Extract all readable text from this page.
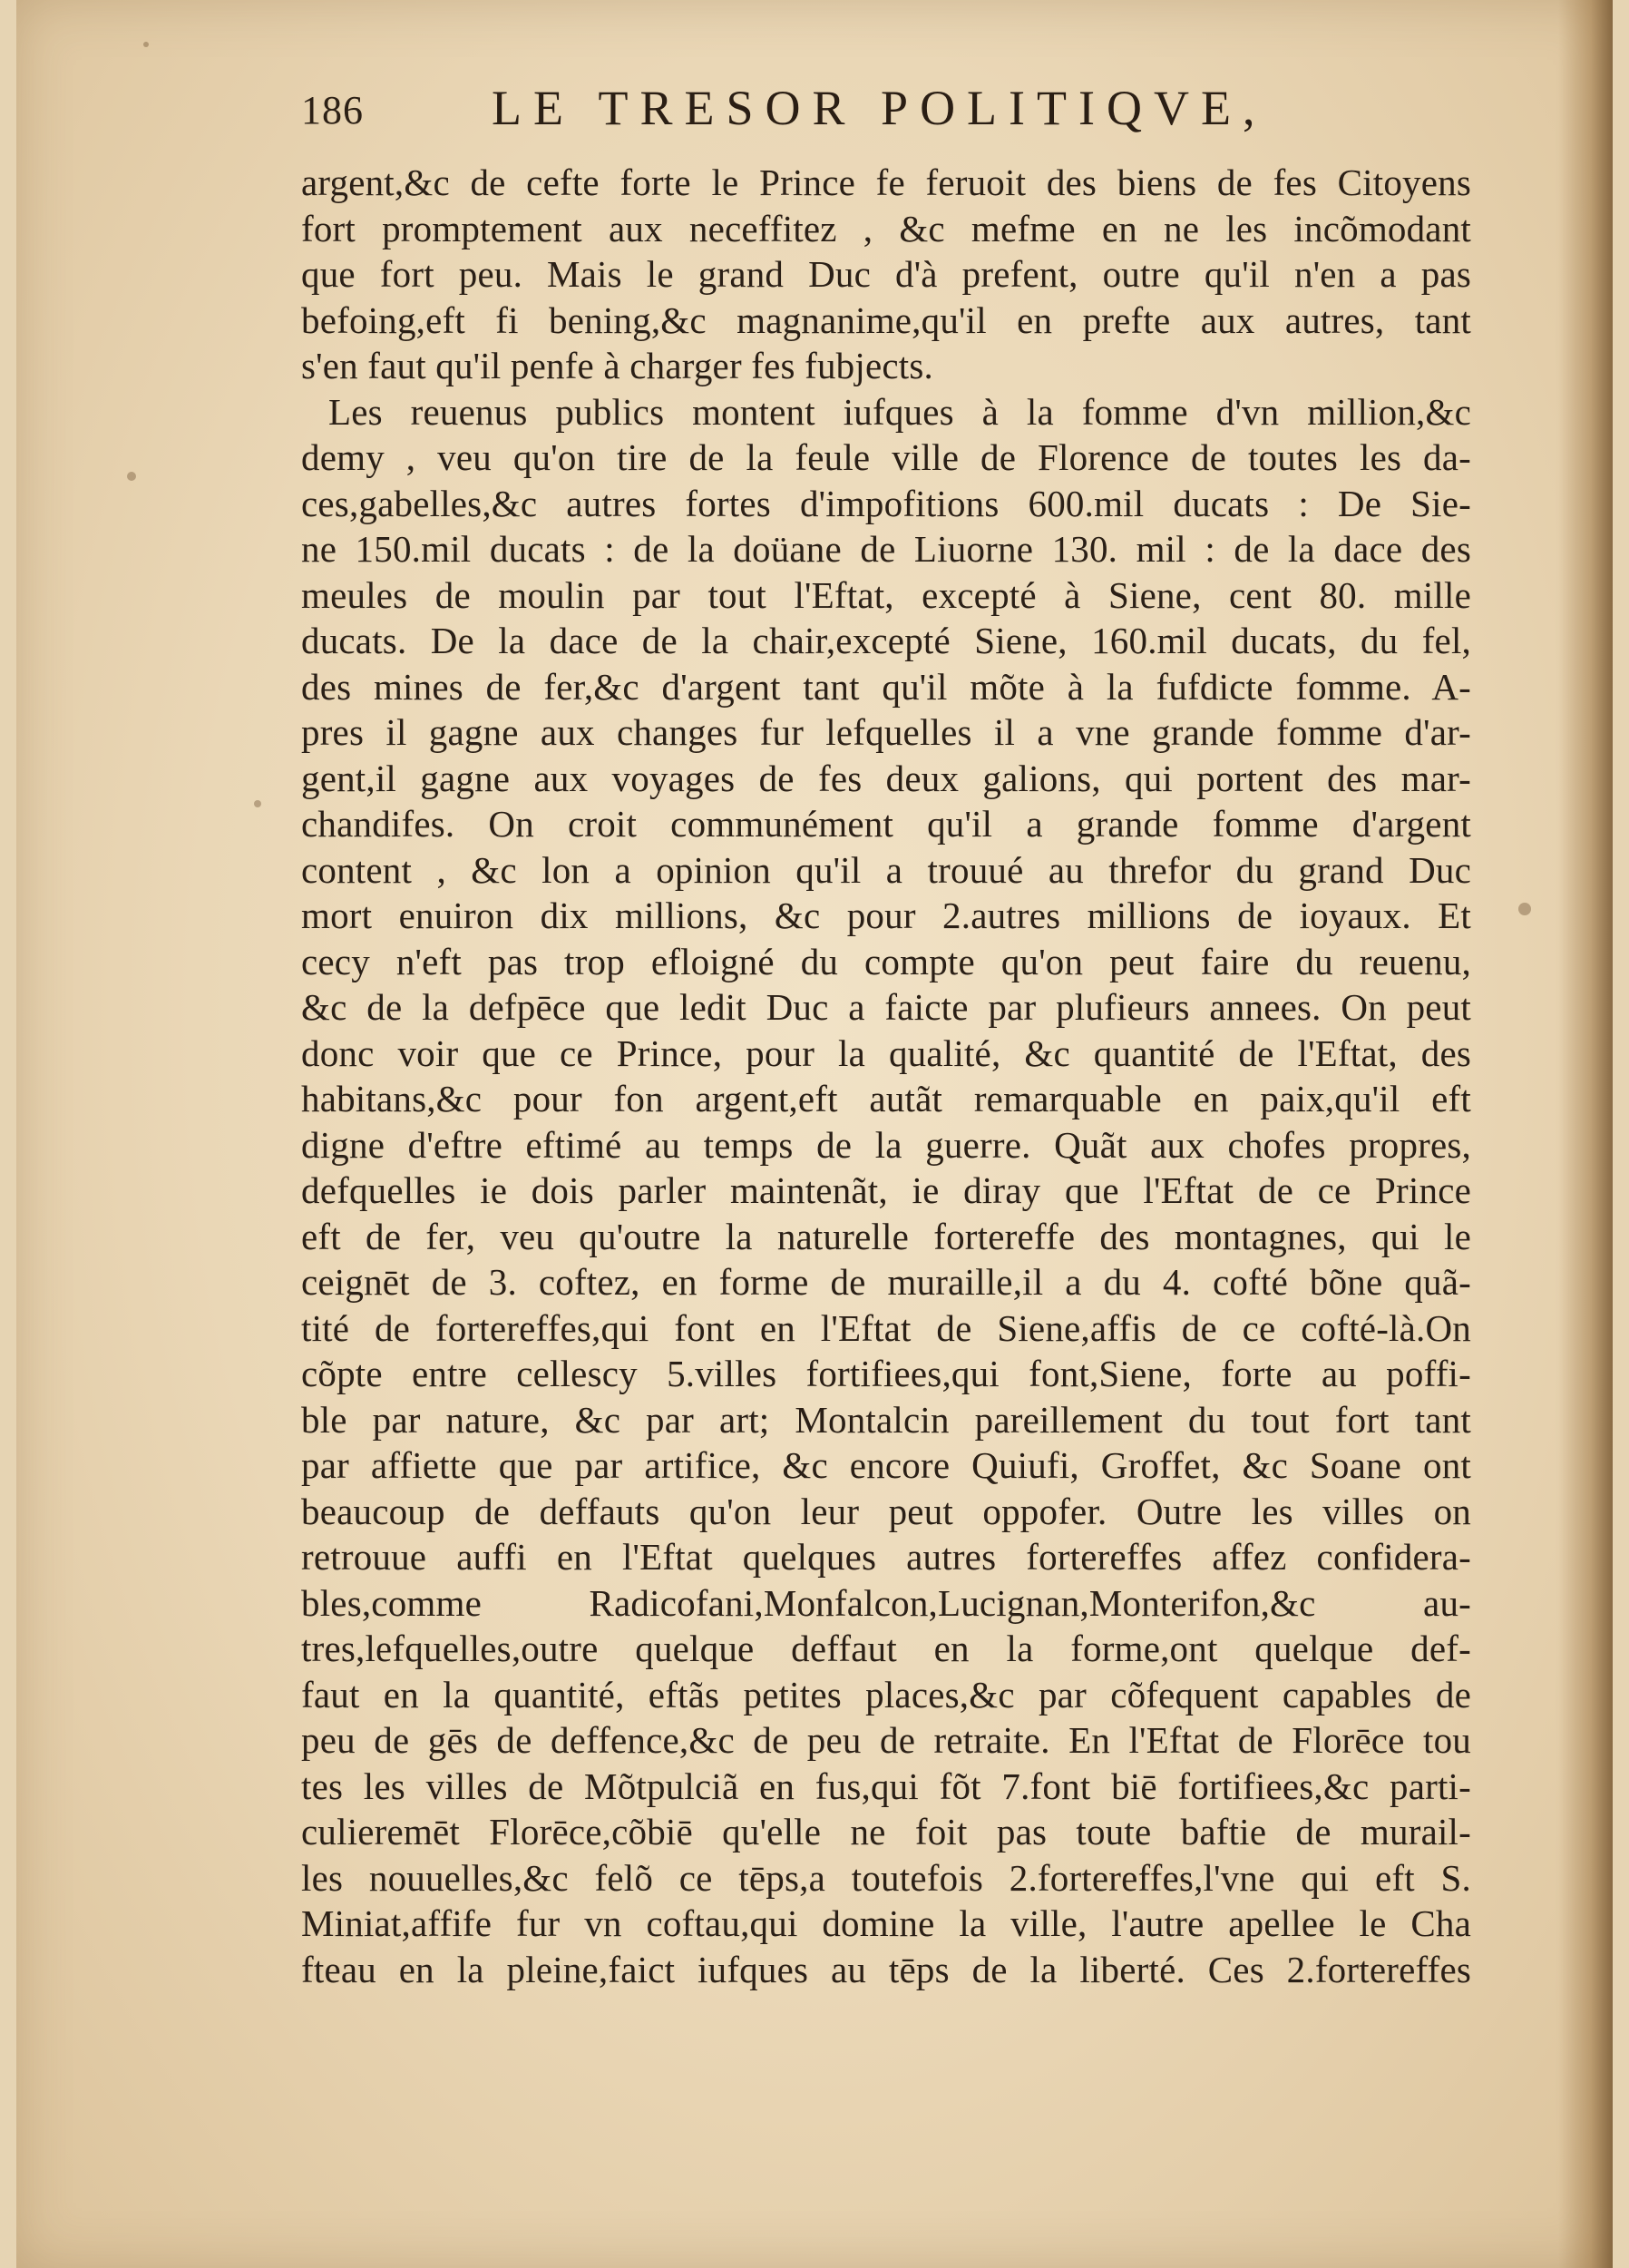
186	LE TRESOR POLITIQVE,
argent,&c de cefte forte le Prince fe feruoit des biens de fes Citoyens
fort promptement aux neceffitez , &c mefme en ne les incõmodant
que fort peu. Mais le grand Duc d'à prefent, outre qu'il n'en a pas
befoing,eft fi bening,&c magnanime,qu'il en prefte aux autres, tant
s'en faut qu'il penfe à charger fes fubjects.
Les reuenus publics montent iufques à la fomme d'vn million,&c
demy , veu qu'on tire de la feule ville de Florence de toutes les da-
ces,gabelles,&c autres fortes d'impofitions 600.mil ducats : De Sie-
ne 150.mil ducats : de la doüane de Liuorne 130. mil : de la dace des
meules de moulin par tout l'Eftat, excepté à Siene, cent 80. mille
ducats. De la dace de la chair,excepté Siene, 160.mil ducats, du fel,
des mines de fer,&c d'argent tant qu'il mõte à la fufdicte fomme. A-
pres il gagne aux changes fur lefquelles il a vne grande fomme d'ar-
gent,il gagne aux voyages de fes deux galions, qui portent des mar-
chandifes. On croit communément qu'il a grande fomme d'argent
content , &c lon a opinion qu'il a trouué au threfor du grand Duc
mort enuiron dix millions, &c pour 2.autres millions de ioyaux. Et
cecy n'eft pas trop efloigné du compte qu'on peut faire du reuenu,
&c de la defpēce que ledit Duc a faicte par plufieurs annees. On peut
donc voir que ce Prince, pour la qualité, &c quantité de l'Eftat, des
habitans,&c pour fon argent,eft autãt remarquable en paix,qu'il eft
digne d'eftre eftimé au temps de la guerre. Quãt aux chofes propres,
defquelles ie dois parler maintenãt, ie diray que l'Eftat de ce Prince
eft de fer, veu qu'outre la naturelle fortereffe des montagnes, qui le
ceignēt de 3. coftez, en forme de muraille,il a du 4. cofté bõne quã-
tité de fortereffes,qui font en l'Eftat de Siene,affis de ce cofté-là.On
cõpte entre cellescy 5.villes fortifiees,qui font,Siene, forte au poffi-
ble par nature, &c par art; Montalcin pareillement du tout fort tant
par affiette que par artifice, &c encore Quiufi, Groffet, &c Soane ont
beaucoup de deffauts qu'on leur peut oppofer. Outre les villes on
retrouue auffi en l'Eftat quelques autres fortereffes affez confidera-
bles,comme Radicofani,Monfalcon,Lucignan,Monterifon,&c au-
tres,lefquelles,outre quelque deffaut en la forme,ont quelque def-
faut en la quantité, eftãs petites places,&c par cõfequent capables de
peu de gēs de deffence,&c de peu de retraite. En l'Eftat de Florēce tou
tes les villes de Mõtpulciã en fus,qui fõt 7.font biē fortifiees,&c parti-
culieremēt Florēce,cõbiē qu'elle ne foit pas toute baftie de murail-
les nouuelles,&c felõ ce tēps,a toutefois 2.fortereffes,l'vne qui eft S.
Miniat,affife fur vn coftau,qui domine la ville, l'autre apellee le Cha
fteau en la pleine,faict iufques au tēps de la liberté. Ces 2.fortereffes
